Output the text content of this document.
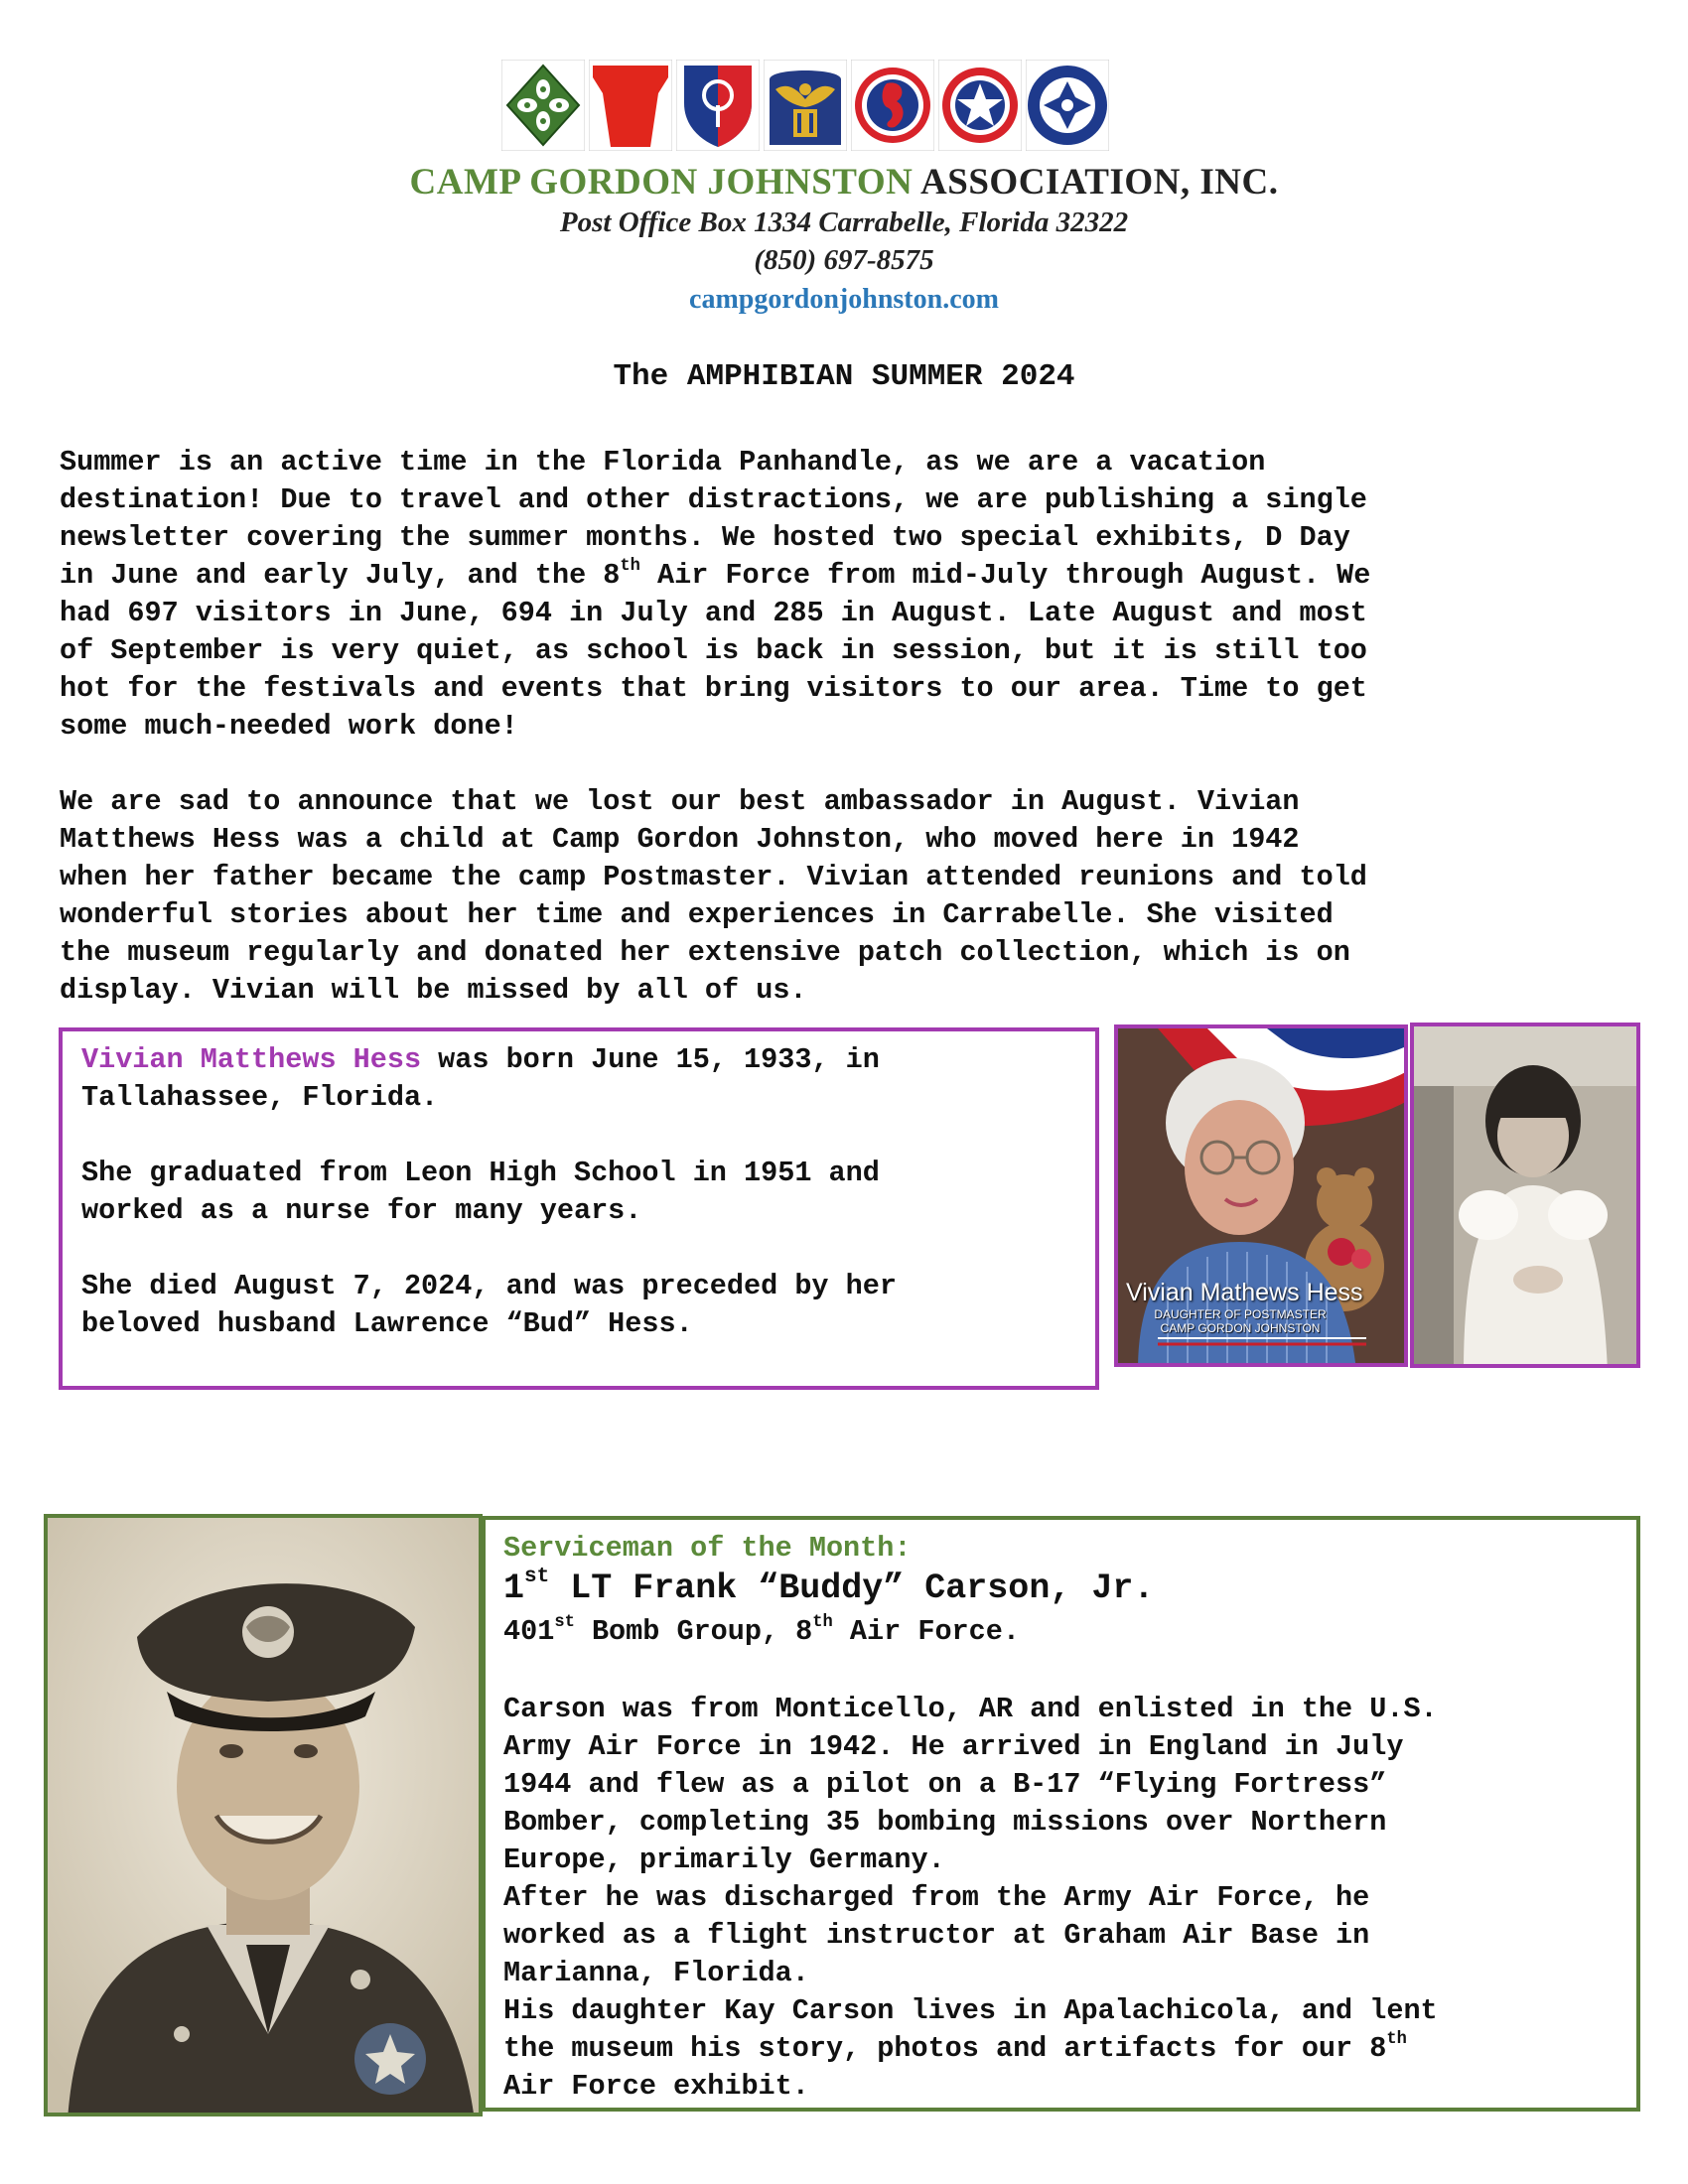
CAMP GORDON JOHNSTON ASSOCIATION, INC.
Post Office Box 1334 Carrabelle, Florida 32322
(850) 697-8575
campgordonjohnston.com
The AMPHIBIAN SUMMER 2024
Summer is an active time in the Florida Panhandle, as we are a vacation
destination! Due to travel and other distractions, we are publishing a single
newsletter covering the summer months. We hosted two special exhibits, D Day
in June and early July, and the 8th Air Force from mid-July through August. We
had 697 visitors in June, 694 in July and 285 in August. Late August and most
of September is very quiet, as school is back in session, but it is still too
hot for the festivals and events that bring visitors to our area. Time to get
some much-needed work done!
We are sad to announce that we lost our best ambassador in August. Vivian
Matthews Hess was a child at Camp Gordon Johnston, who moved here in 1942
when her father became the camp Postmaster. Vivian attended reunions and told
wonderful stories about her time and experiences in Carrabelle. She visited
the museum regularly and donated her extensive patch collection, which is on
display. Vivian will be missed by all of us.
Vivian Matthews Hess was born June 15, 1933, in
Tallahassee, Florida.
She graduated from Leon High School in 1951 and
worked as a nurse for many years.
She died August 7, 2024, and was preceded by her
beloved husband Lawrence “Bud” Hess.
Vivian Mathews Hess
DAUGHTER OF POSTMASTER
CAMP GORDON JOHNSTON
Serviceman of the Month:
1st LT Frank “Buddy” Carson, Jr.
401st Bomb Group, 8th Air Force.
Carson was from Monticello, AR and enlisted in the U.S.
Army Air Force in 1942. He arrived in England in July
1944 and flew as a pilot on a B-17 “Flying Fortress”
Bomber, completing 35 bombing missions over Northern
Europe, primarily Germany.
After he was discharged from the Army Air Force, he
worked as a flight instructor at Graham Air Base in
Marianna, Florida.
His daughter Kay Carson lives in Apalachicola, and lent
the museum his story, photos and artifacts for our 8th
Air Force exhibit.
